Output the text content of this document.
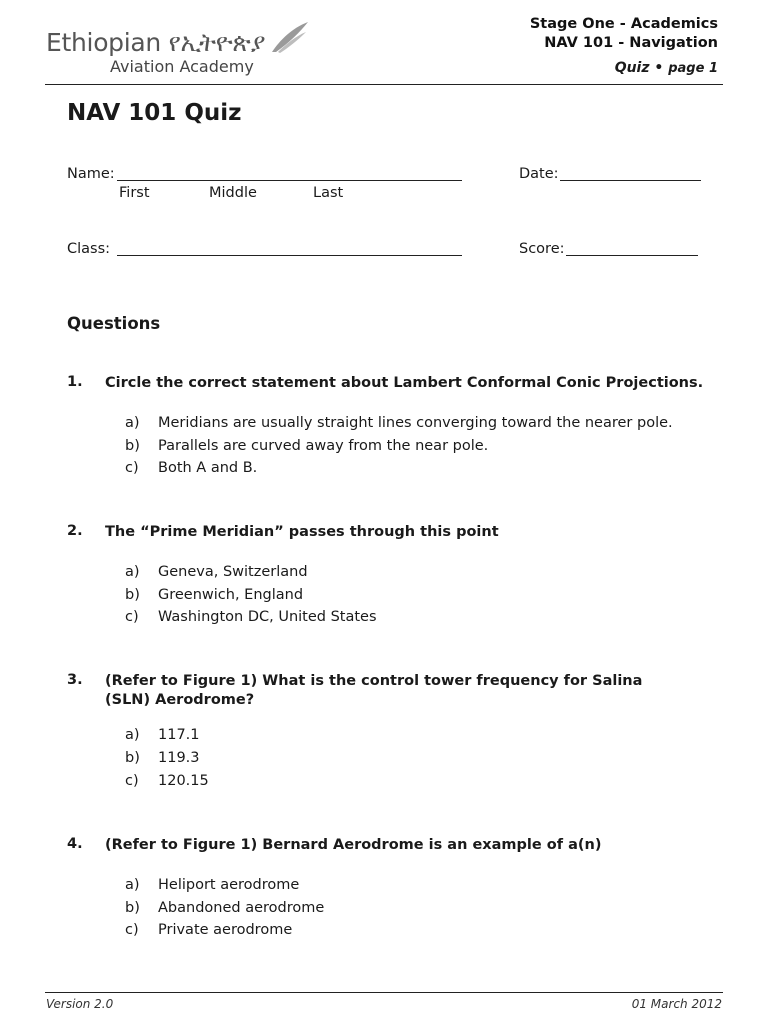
Ethiopian የኢትዮጵያ
Aviation Academy
Stage One - Academics
NAV 101 - Navigation
Quiz • page 1
NAV 101 Quiz
Name:
First	Middle	Last
Date:
Class:	Score:
Questions
1. Circle the correct statement about Lambert Conformal Conic Projections.
a) Meridians are usually straight lines converging toward the nearer pole.
b) Parallels are curved away from the near pole.
c) Both A and B.
2. The “Prime Meridian” passes through this point
a) Geneva, Switzerland
b) Greenwich, England
c) Washington DC, United States
3. (Refer to Figure 1) What is the control tower frequency for Salina (SLN) Aerodrome?
a) 117.1
b) 119.3
c) 120.15
4. (Refer to Figure 1) Bernard Aerodrome is an example of a(n)
a) Heliport aerodrome
b) Abandoned aerodrome
c) Private aerodrome
Version 2.0	01 March 2012
